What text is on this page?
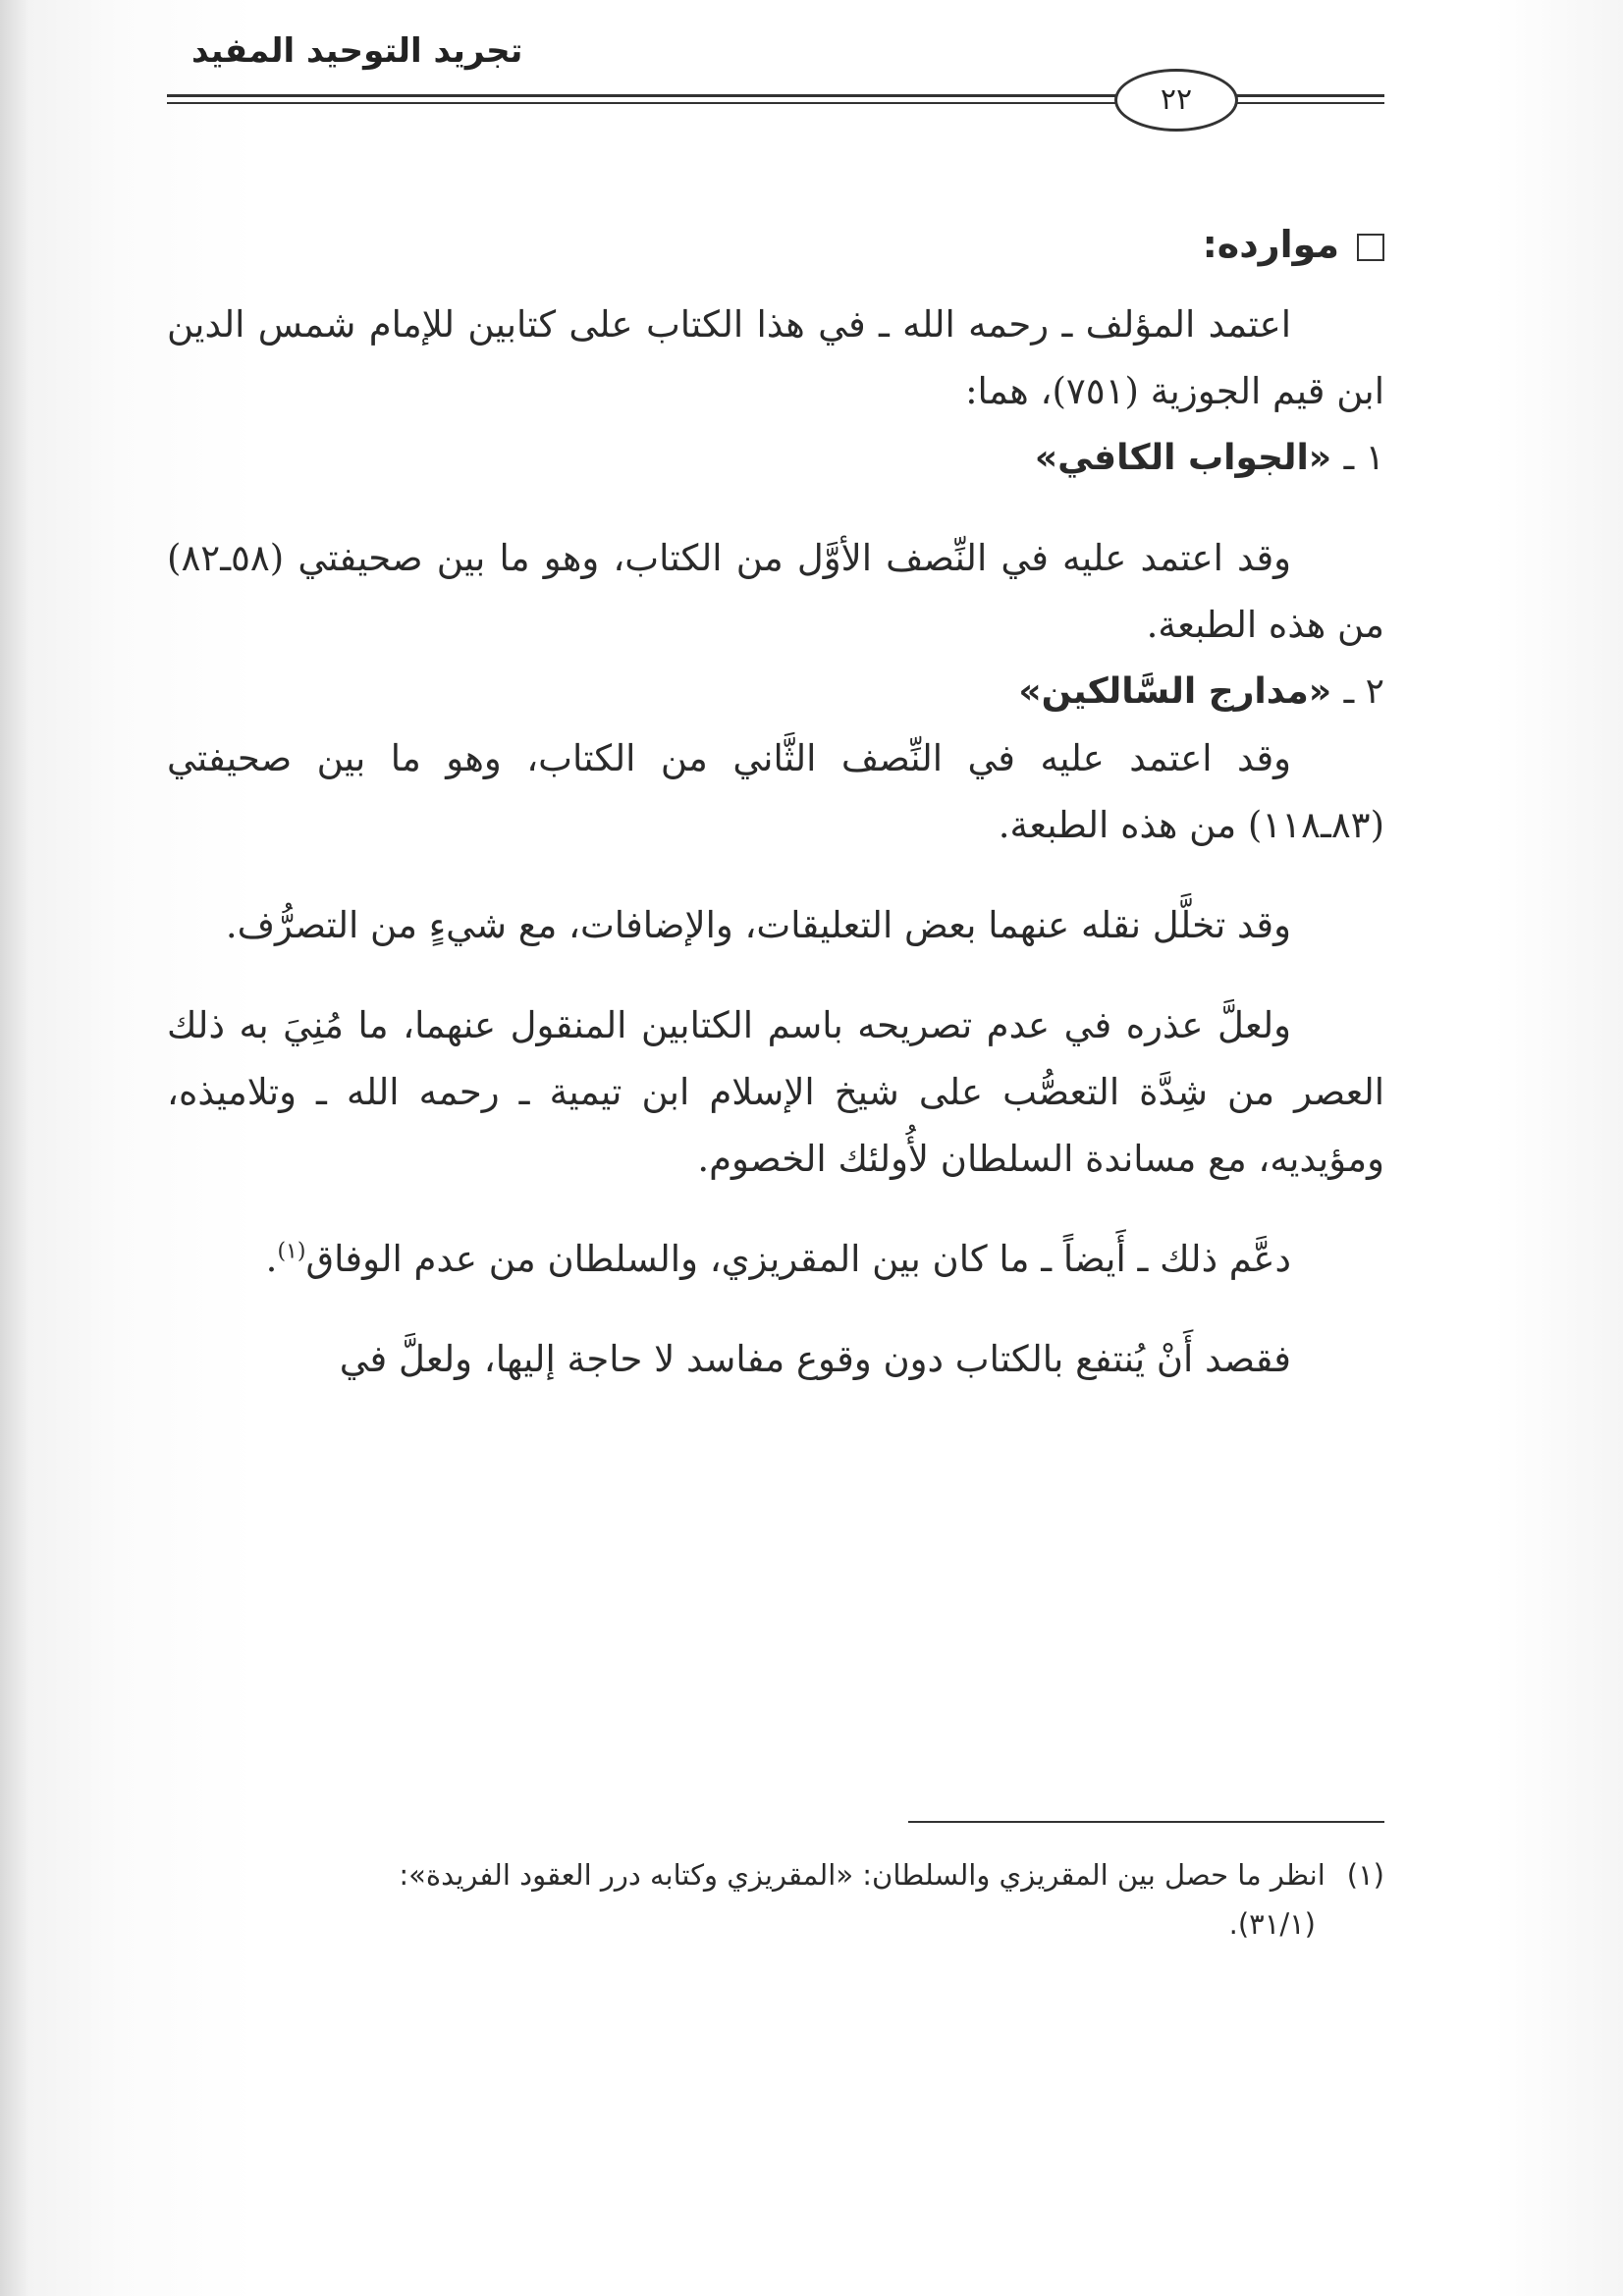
تجريد التوحيد المفيد
٢٢
موارده:

اعتمد المؤلف ـ رحمه الله ـ في هذا الكتاب على كتابين للإمام شمس الدين ابن قيم الجوزية (٧٥١)، هما:

١ ـ «الجواب الكافي»

وقد اعتمد عليه في النِّصف الأوَّل من الكتاب، وهو ما بين صحيفتي (٥٨ـ٨٢) من هذه الطبعة.

٢ ـ «مدارج السَّالكين»

وقد اعتمد عليه في النِّصف الثَّاني من الكتاب، وهو ما بين صحيفتي (٨٣ـ١١٨) من هذه الطبعة.

وقد تخلَّل نقله عنهما بعض التعليقات، والإضافات، مع شيءٍ من التصرُّف.

ولعلَّ عذره في عدم تصريحه باسم الكتابين المنقول عنهما، ما مُنِيَ به ذلك العصر من شِدَّة التعصُّب على شيخ الإسلام ابن تيمية ـ رحمه الله ـ وتلاميذه، ومؤيديه، مع مساندة السلطان لأُولئك الخصوم.

دعَّم ذلك ـ أَيضاً ـ ما كان بين المقريزي، والسلطان من عدم الوفاق$^{(١)}$.

فقصد أَنْ يُنتفع بالكتاب دون وقوع مفاسد لا حاجة إليها، ولعلَّ في

(١)انظر ما حصل بين المقريزي والسلطان: «المقريزي وكتابه درر العقود الفريدة»:
(٣١/١).
